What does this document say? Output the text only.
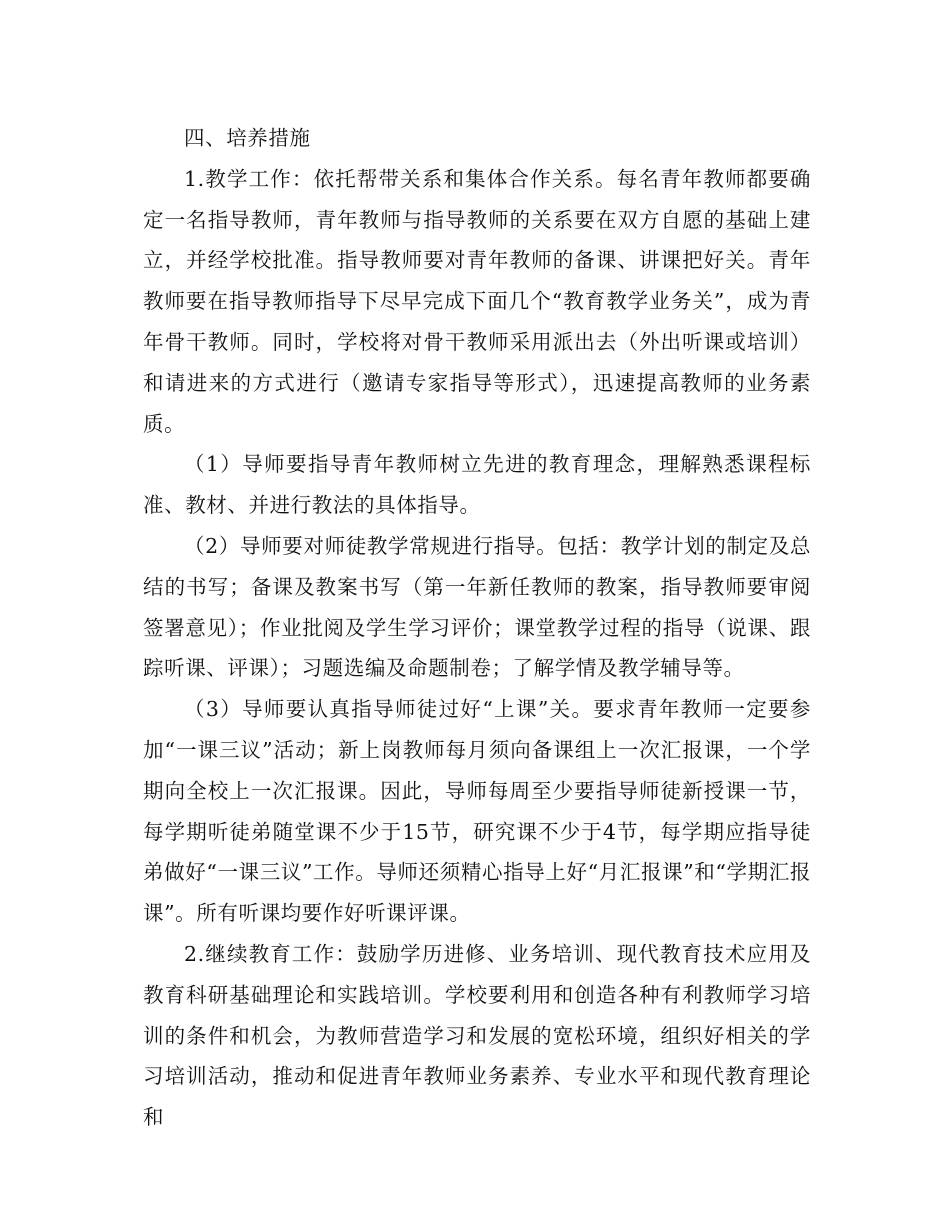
四、培养措施

1.教学工作：依托帮带关系和集体合作关系。每名青年教师都要确定一名指导教师，青年教师与指导教师的关系要在双方自愿的基础上建立，并经学校批准。指导教师要对青年教师的备课、讲课把好关。青年教师要在指导教师指导下尽早完成下面几个“教育教学业务关”，成为青年骨干教师。同时，学校将对骨干教师采用派出去（外出听课或培训）和请进来的方式进行（邀请专家指导等形式），迅速提高教师的业务素质。

（1）导师要指导青年教师树立先进的教育理念，理解熟悉课程标准、教材、并进行教法的具体指导。

（2）导师要对师徒教学常规进行指导。包括：教学计划的制定及总结的书写；备课及教案书写（第一年新任教师的教案，指导教师要审阅签署意见）；作业批阅及学生学习评价；课堂教学过程的指导（说课、跟踪听课、评课）；习题选编及命题制卷；了解学情及教学辅导等。

（3）导师要认真指导师徒过好“上课”关。要求青年教师一定要参加“一课三议”活动；新上岗教师每月须向备课组上一次汇报课，一个学期向全校上一次汇报课。因此，导师每周至少要指导师徒新授课一节，每学期听徒弟随堂课不少于15节，研究课不少于4节，每学期应指导徒弟做好“一课三议”工作。导师还须精心指导上好“月汇报课”和“学期汇报课”。所有听课均要作好听课评课。

2.继续教育工作：鼓励学历进修、业务培训、现代教育技术应用及教育科研基础理论和实践培训。学校要利用和创造各种有利教师学习培训的条件和机会，为教师营造学习和发展的宽松环境，组织好相关的学习培训活动，推动和促进青年教师业务素养、专业水平和现代教育理论和
